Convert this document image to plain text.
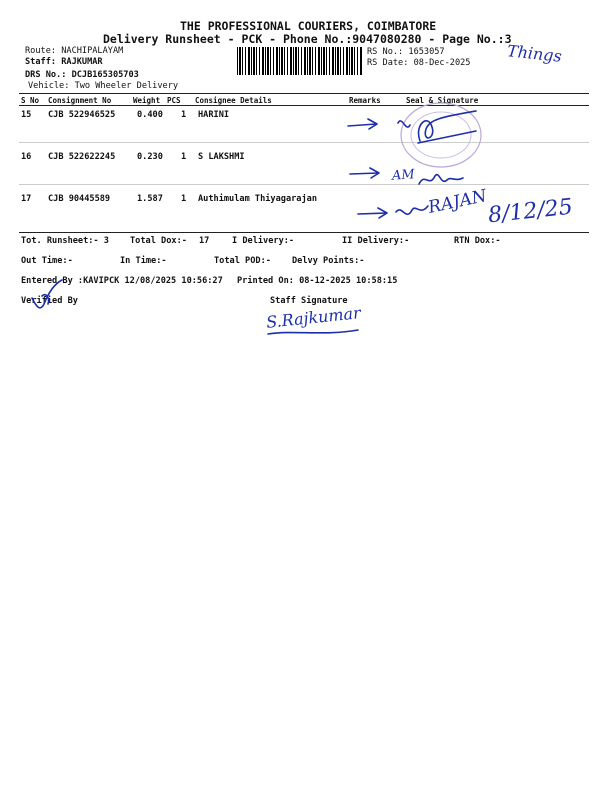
THE PROFESSIONAL COURIERS, COIMBATORE
Delivery Runsheet - PCK - Phone No.:9047080280 - Page No.:3
Route: NACHIPALAYAM
Staff: RAJKUMAR
DRS No.: DCJB165305703
Vehicle: Two Wheeler Delivery
RS No.: 1653057
RS Date: 08-Dec-2025 Things
S No Consignment No	Weight PCS Consignee Details	Remarks	Seal & Signature
15 CJB 522946525	0.400 1 HARINI
16 CJB 522622245	0.230 1 S LAKSHMI
17 CJB 90445589	1.587 1 Authimulam Thiyagarajan
AM
RAJAN
8/12/25
Tot. Runsheet:- 3 Total Dox:- 17	I Delivery:-	II Delivery:-	RTN Dox:-
Out Time:-	In Time:-	Total POD:- Delvy Points:-
Entered By :KAVIPCK 12/08/2025 10:56:27 Printed On: 08-12-2025 10:58:15
Verified By	Staff Signature
S.Rajkumar
